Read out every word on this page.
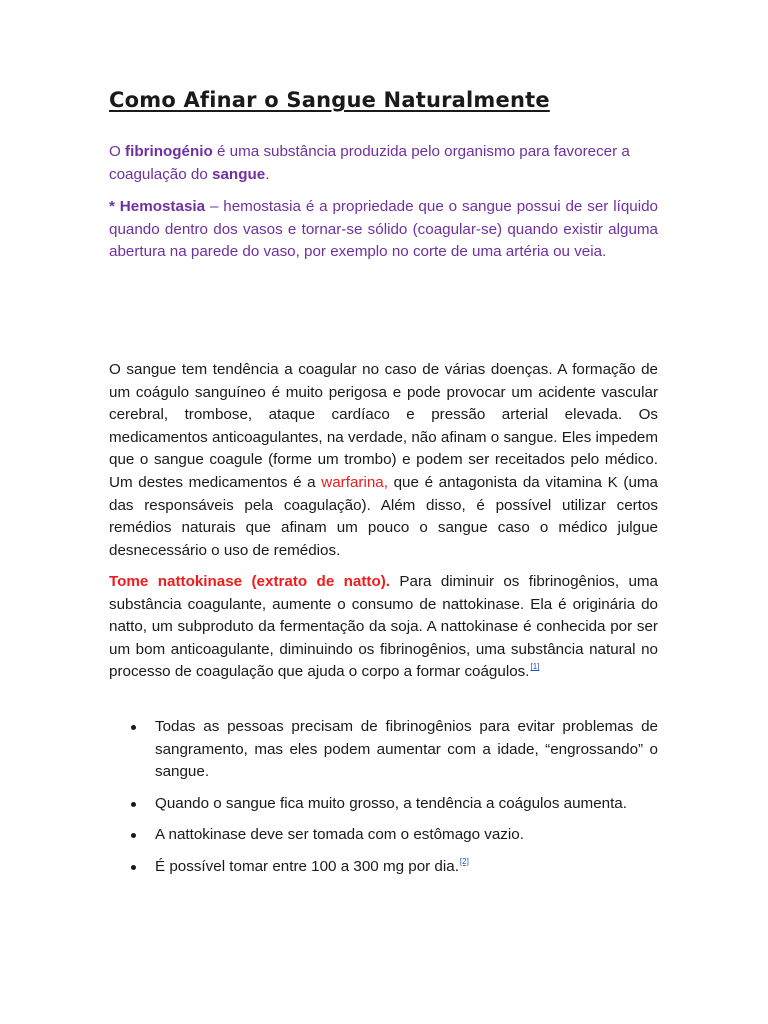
Como Afinar o Sangue Naturalmente

O fibrinogénio é uma substância produzida pelo organismo para favorecer a coagulação do sangue.

* Hemostasia – hemostasia é a propriedade que o sangue possui de ser líquido quando dentro dos vasos e tornar-se sólido (coagular-se) quando existir alguma abertura na parede do vaso, por exemplo no corte de uma artéria ou veia.

O sangue tem tendência a coagular no caso de várias doenças. A formação de um coágulo sanguíneo é muito perigosa e pode provocar um acidente vascular cerebral, trombose, ataque cardíaco e pressão arterial elevada. Os medicamentos anticoagulantes, na verdade, não afinam o sangue. Eles impedem que o sangue coagule (forme um trombo) e podem ser receitados pelo médico. Um destes medicamentos é a warfarina, que é antagonista da vitamina K (uma das responsáveis pela coagulação). Além disso, é possível utilizar certos remédios naturais que afinam um pouco o sangue caso o médico julgue desnecessário o uso de remédios.

Tome nattokinase (extrato de natto). Para diminuir os fibrinogênios, uma substância coagulante, aumente o consumo de nattokinase. Ela é originária do natto, um subproduto da fermentação da soja. A nattokinase é conhecida por ser um bom anticoagulante, diminuindo os fibrinogênios, uma substância natural no processo de coagulação que ajuda o corpo a formar coágulos.[1]

Todas as pessoas precisam de fibrinogênios para evitar problemas de sangramento, mas eles podem aumentar com a idade, “engrossando” o sangue.
Quando o sangue fica muito grosso, a tendência a coágulos aumenta.
A nattokinase deve ser tomada com o estômago vazio.
É possível tomar entre 100 a 300 mg por dia.[2]
